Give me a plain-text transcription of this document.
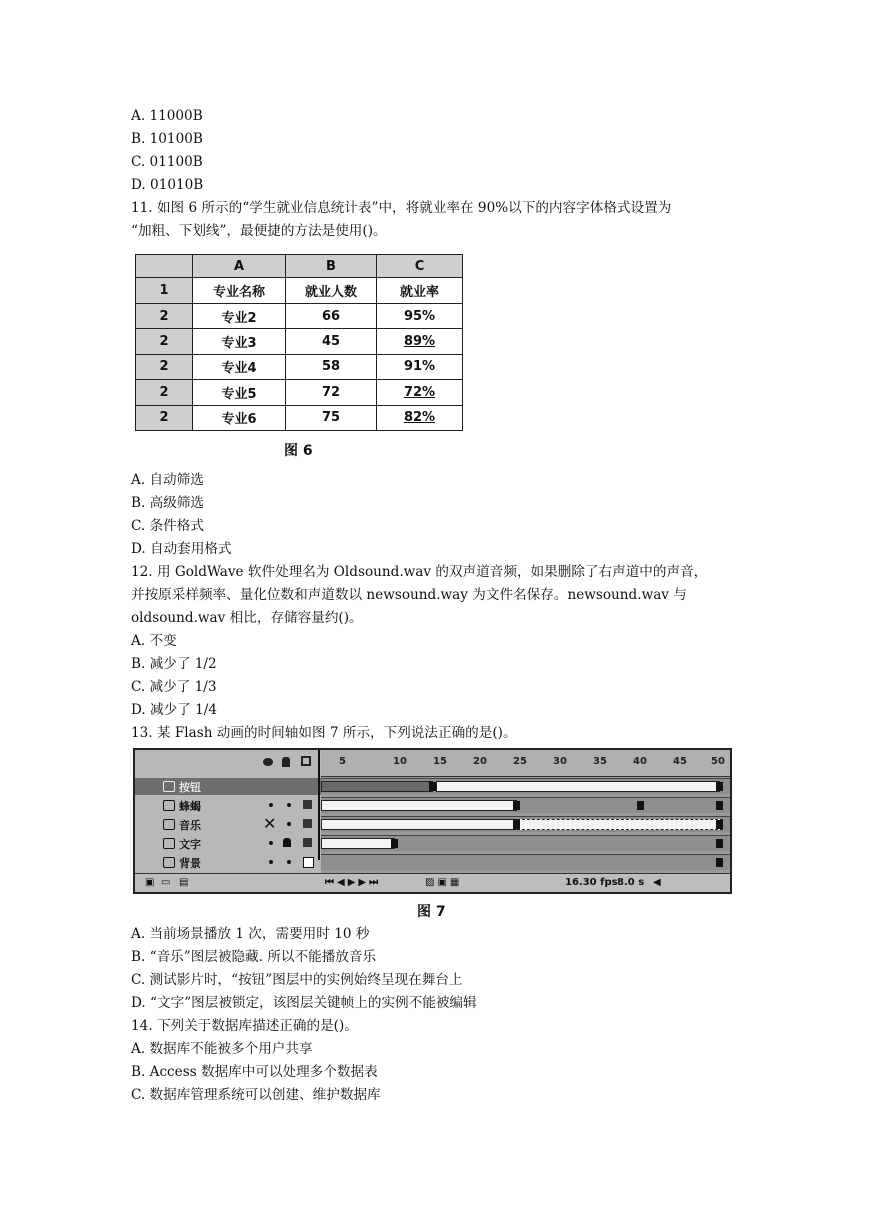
A. 11000B
B. 10100B
C. 01100B
D. 01010B
11. 如图 6 所示的“学生就业信息统计表”中，将就业率在 90%以下的内容字体格式设置为
“加粗、下划线”，最便捷的方法是使用()。
	A	B	C
1	专业名称	就业人数	就业率
2	专业2	66	95%
2	专业3	45	89%
2	专业4	58	91%
2	专业5	72	72%
2	专业6	75	82%
图 6
A. 自动筛选
B. 高级筛选
C. 条件格式
D. 自动套用格式
12. 用 GoldWave 软件处理名为 Oldsound.wav 的双声道音频，如果删除了右声道中的声音，
并按原采样频率、量化位数和声道数以 newsound.way 为文件名保存。newsound.wav 与
oldsound.wav 相比，存储容量约()。
A. 不变
B. 减少了 1/2
C. 减少了 1/3
D. 减少了 1/4
13. 某 Flash 动画的时间轴如图 7 所示，下列说法正确的是()。
5	10	15	20	25	30	35	40	45 50
按钮
蜂蝎
音乐	✕
文字
背景
▣ ▭ ▤	⏮◀▶▶⏭	▨▣▦	16.30 fps 8.0 s ◀
图 7
A. 当前场景播放 1 次，需要用时 10 秒
B. “音乐”图层被隐藏. 所以不能播放音乐
C. 测试影片时，“按钮”图层中的实例始终呈现在舞台上
D. “文字”图层被锁定，该图层关键帧上的实例不能被编辑
14. 下列关于数据库描述正确的是()。
A. 数据库不能被多个用户共享
B. Access 数据库中可以处理多个数据表
C. 数据库管理系统可以创建、维护数据库
